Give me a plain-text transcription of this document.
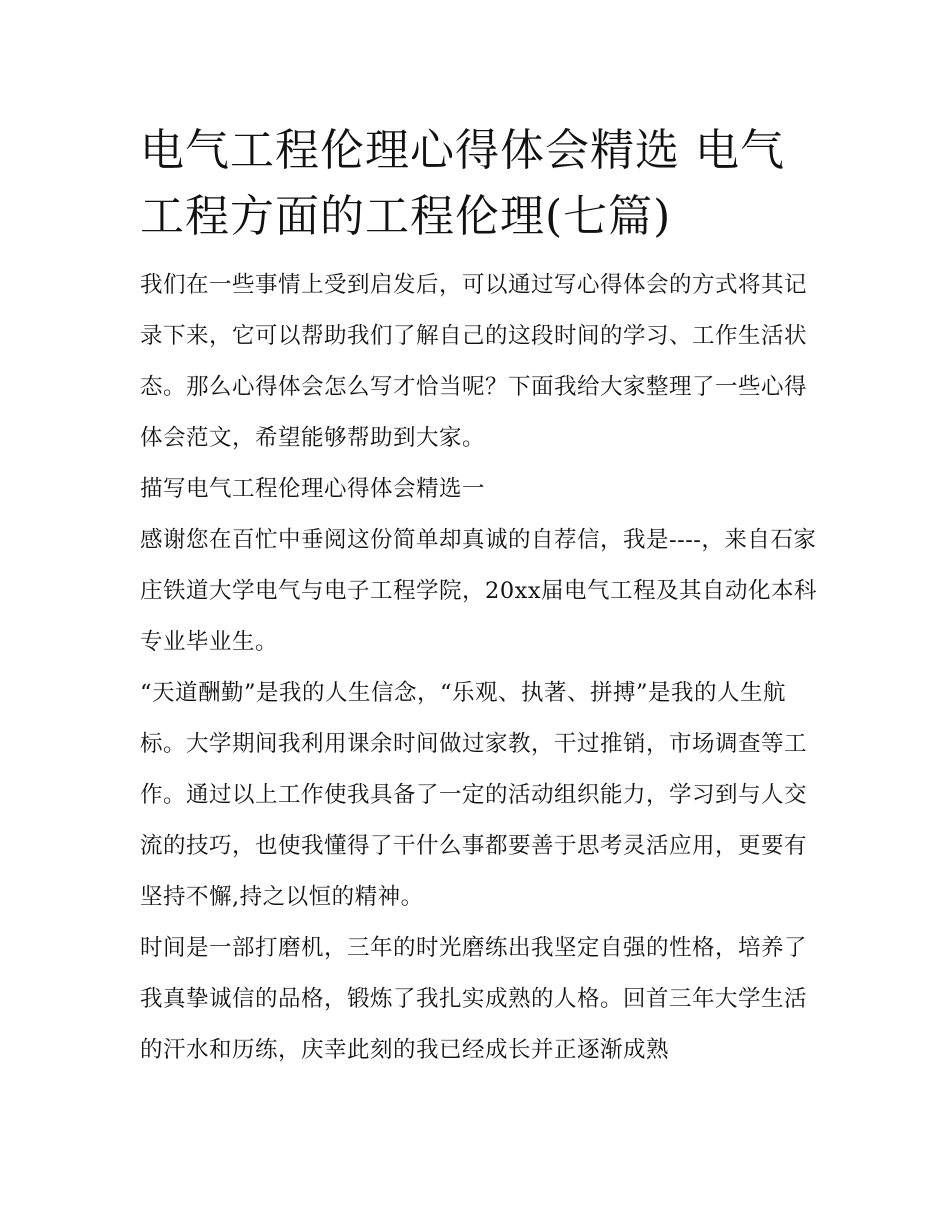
电气工程伦理心得体会精选 电气工程方面的工程伦理(七篇)

我们在一些事情上受到启发后，可以通过写心得体会的方式将其记录下来，它可以帮助我们了解自己的这段时间的学习、工作生活状态。那么心得体会怎么写才恰当呢？下面我给大家整理了一些心得体会范文，希望能够帮助到大家。

描写电气工程伦理心得体会精选一

感谢您在百忙中垂阅这份简单却真诚的自荐信，我是----，来自石家庄铁道大学电气与电子工程学院，20xx届电气工程及其自动化本科专业毕业生。

“天道酬勤”是我的人生信念，“乐观、执著、拼搏”是我的人生航标。大学期间我利用课余时间做过家教，干过推销，市场调查等工作。通过以上工作使我具备了一定的活动组织能力，学习到与人交流的技巧，也使我懂得了干什么事都要善于思考灵活应用，更要有坚持不懈,持之以恒的精神。

时间是一部打磨机，三年的时光磨练出我坚定自强的性格，培养了我真挚诚信的品格，锻炼了我扎实成熟的人格。回首三年大学生活的汗水和历练，庆幸此刻的我已经成长并正逐渐成熟
